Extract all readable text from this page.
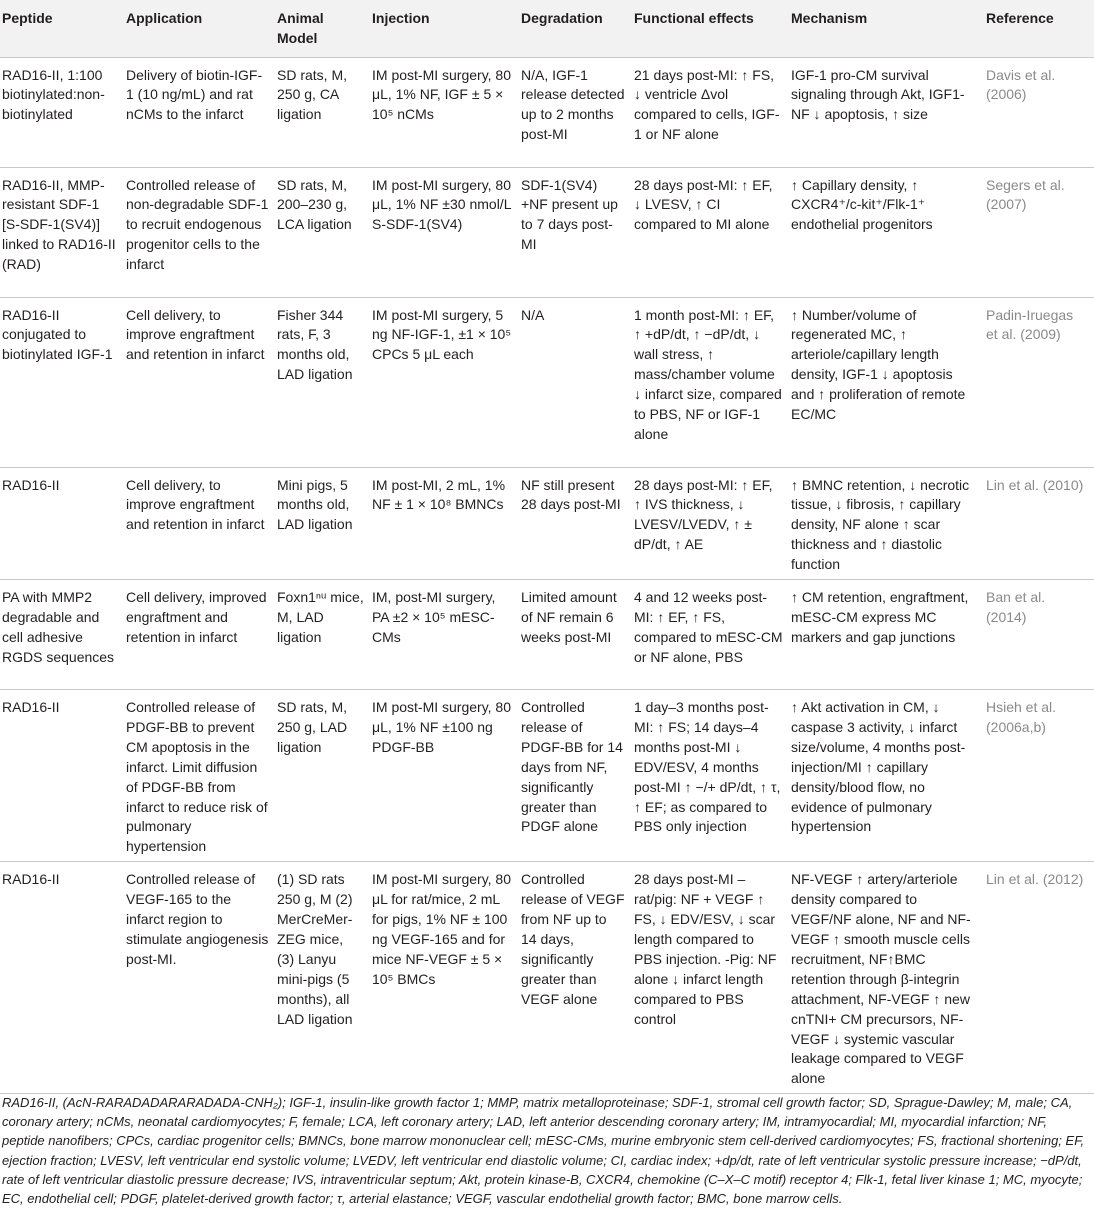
Peptide	Application	Animal Model	Injection	Degradation	Functional effects	Mechanism	Reference
RAD16-II, 1:100 biotinylated:non-biotinylated	Delivery of biotin-IGF-1 (10 ng/mL) and rat nCMs to the infarct	SD rats, M, 250 g, CA ligation	IM post-MI surgery, 80 μL, 1% NF, IGF ± 5 × 10⁵ nCMs	N/A, IGF-1 release detected up to 2 months post-MI	21 days post-MI: ↑ FS, ↓ ventricle Δvol compared to cells, IGF-1 or NF alone	IGF-1 pro-CM survival signaling through Akt, IGF1-NF ↓ apoptosis, ↑ size	Davis et al. (2006)
RAD16-II, MMP-resistant SDF-1 [S-SDF-1(SV4)] linked to RAD16-II (RAD)	Controlled release of non-degradable SDF-1 to recruit endogenous progenitor cells to the infarct	SD rats, M, 200–230 g, LCA ligation	IM post-MI surgery, 80 μL, 1% NF ±30 nmol/L S-SDF-1(SV4)	SDF-1(SV4) +NF present up to 7 days post-MI	28 days post-MI: ↑ EF, ↓ LVESV, ↑ CI compared to MI alone	↑ Capillary density, ↑ CXCR4⁺/c-kit⁺/Flk-1⁺ endothelial progenitors	Segers et al. (2007)
RAD16-II conjugated to biotinylated IGF-1	Cell delivery, to improve engraftment and retention in infarct	Fisher 344 rats, F, 3 months old, LAD ligation	IM post-MI surgery, 5 ng NF-IGF-1, ±1 × 10⁵ CPCs 5 μL each	N/A	1 month post-MI: ↑ EF, ↑ +dP/dt, ↑ −dP/dt, ↓ wall stress, ↑ mass/chamber volume ↓ infarct size, compared to PBS, NF or IGF-1 alone	↑ Number/volume of regenerated MC, ↑ arteriole/capillary length density, IGF-1 ↓ apoptosis and ↑ proliferation of remote EC/MC	Padin-Iruegas et al. (2009)
RAD16-II	Cell delivery, to improve engraftment and retention in infarct	Mini pigs, 5 months old, LAD ligation	IM post-MI, 2 mL, 1% NF ± 1 × 10⁸ BMNCs	NF still present 28 days post-MI	28 days post-MI: ↑ EF, ↑ IVS thickness, ↓ LVESV/LVEDV, ↑ ± dP/dt, ↑ AE	↑ BMNC retention, ↓ necrotic tissue, ↓ fibrosis, ↑ capillary density, NF alone ↑ scar thickness and ↑ diastolic function	Lin et al. (2010)
PA with MMP2 degradable and cell adhesive RGDS sequences	Cell delivery, improved engraftment and retention in infarct	Foxn1ⁿᵘ mice, M, LAD ligation	IM, post-MI surgery, PA ±2 × 10⁵ mESC-CMs	Limited amount of NF remain 6 weeks post-MI	4 and 12 weeks post-MI: ↑ EF, ↑ FS, compared to mESC-CM or NF alone, PBS	↑ CM retention, engraftment, mESC-CM express MC markers and gap junctions	Ban et al. (2014)
RAD16-II	Controlled release of PDGF-BB to prevent CM apoptosis in the infarct. Limit diffusion of PDGF-BB from infarct to reduce risk of pulmonary hypertension	SD rats, M, 250 g, LAD ligation	IM post-MI surgery, 80 μL, 1% NF ±100 ng PDGF-BB	Controlled release of PDGF-BB for 14 days from NF, significantly greater than PDGF alone	1 day–3 months post-MI: ↑ FS; 14 days–4 months post-MI ↓ EDV/ESV, 4 months post-MI ↑ −/+ dP/dt, ↑ τ, ↑ EF; as compared to PBS only injection	↑ Akt activation in CM, ↓ caspase 3 activity, ↓ infarct size/volume, 4 months post-injection/MI ↑ capillary density/blood flow, no evidence of pulmonary hypertension	Hsieh et al. (2006a,b)
RAD16-II	Controlled release of VEGF-165 to the infarct region to stimulate angiogenesis post-MI.	(1) SD rats 250 g, M (2) MerCreMer-ZEG mice, (3) Lanyu mini-pigs (5 months), all LAD ligation	IM post-MI surgery, 80 μL for rat/mice, 2 mL for pigs, 1% NF ± 100 ng VEGF-165 and for mice NF-VEGF ± 5 × 10⁵ BMCs	Controlled release of VEGF from NF up to 14 days, significantly greater than VEGF alone	28 days post-MI –rat/pig: NF + VEGF ↑ FS, ↓ EDV/ESV, ↓ scar length compared to PBS injection. -Pig: NF alone ↓ infarct length compared to PBS control	NF-VEGF ↑ artery/arteriole density compared to VEGF/NF alone, NF and NF-VEGF ↑ smooth muscle cells recruitment, NF↑BMC retention through β-integrin attachment, NF-VEGF ↑ new cnTNI+ CM precursors, NF-VEGF ↓ systemic vascular leakage compared to VEGF alone	Lin et al. (2012)
RAD16-II, (AcN-RARADADARARADADA-CNH₂); IGF-1, insulin-like growth factor 1; MMP, matrix metalloproteinase; SDF-1, stromal cell growth factor; SD, Sprague-Dawley; M, male; CA, coronary artery; nCMs, neonatal cardiomyocytes; F, female; LCA, left coronary artery; LAD, left anterior descending coronary artery; IM, intramyocardial; MI, myocardial infarction; NF, peptide nanofibers; CPCs, cardiac progenitor cells; BMNCs, bone marrow mononuclear cell; mESC-CMs, murine embryonic stem cell-derived cardiomyocytes; FS, fractional shortening; EF, ejection fraction; LVESV, left ventricular end systolic volume; LVEDV, left ventricular end diastolic volume; CI, cardiac index; +dp/dt, rate of left ventricular systolic pressure increase; −dP/dt, rate of left ventricular diastolic pressure decrease; IVS, intraventricular septum; Akt, protein kinase-B, CXCR4, chemokine (C–X–C motif) receptor 4; Flk-1, fetal liver kinase 1; MC, myocyte; EC, endothelial cell; PDGF, platelet-derived growth factor; τ, arterial elastance; VEGF, vascular endothelial growth factor; BMC, bone marrow cells.
